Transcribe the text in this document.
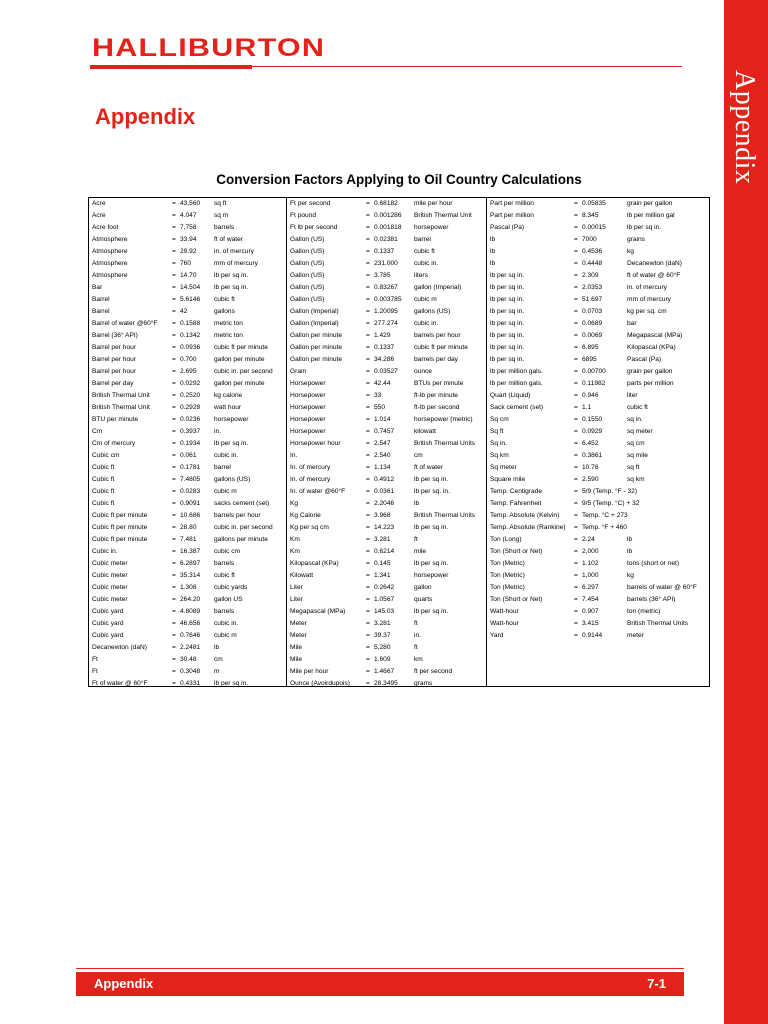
Appendix
HALLIBURTON
Appendix
Conversion Factors Applying to Oil Country Calculations
Acre	= 43,560	sq ft
Acre	= 4.047	sq m
Acre foot	= 7,758	barrels
Atmosphere	= 33.94	ft of water
Atmosphere	= 29.92	in. of mercury
Atmosphere	= 760	mm of mercury
Atmosphere	= 14.70	lb per sq in.
Bar	= 14.504	lb per sq in.
Barrel	= 5.6146	cubic ft
Barrel	= 42	gallons
Barrel of water @60°F	= 0.1588	metric ton
Barrel (36° API)	= 0.1342	metric ton
Barrel per hour	= 0.0936	cubic ft per minute
Barrel per hour	= 0.700	gallon per minute
Barrel per hour	= 2.695	cubic in. per second
Barrel per day	= 0.0292	gallon per minute
British Thermal Unit	= 0.2520	kg calorie
British Thermal Unit	= 0.2928	watt hour
BTU per minute	= 0.0236	horsepower
Cm	= 0.3937	in.
Cm of mercury	= 0.1934	lb per sq in.
Cubic cm	= 0.061	cubic in.
Cubic ft	= 0.1781	barrel
Cubic ft	= 7.4805	gallons (US)
Cubic ft	= 0.0283	cubic m
Cubic ft	= 0.9091	sacks cement (set)
Cubic ft per minute	= 10.686	barrels per hour
Cubic ft per minute	= 28.80	cubic in. per second
Cubic ft per minute	= 7.481	gallons per minute
Cubic in.	= 16.387	cubic cm
Cubic meter	= 6.2897	barrels
Cubic meter	= 35.314	cubic ft
Cubic meter	= 1.308	cubic yards
Cubic meter	= 264.20	gallon US
Cubic yard	= 4.8089	barrels
Cubic yard	= 46,656	cubic in.
Cubic yard	= 0.7646	cubic m
Decanewton (daN)	= 2.2481	lb
Ft	= 30.48	cm
Ft	= 0.3048	m
Ft of water @ 60°F	= 0.4331	lb per sq in.
Ft per second	= 0.68182	mile per hour
Ft pound	= 0.001286	British Thermal Unit
Ft lb per second	= 0.001818	horsepower
Gallon (US)	= 0.02381	barrel
Gallon (US)	= 0.1337	cubic ft
Gallon (US)	= 231.000	cubic in.
Gallon (US)	= 3.785	liters
Gallon (US)	= 0.83267	gallon (Imperial)
Gallon (US)	= 0.003785	cubic m
Gallon (Imperial)	= 1.20095	gallons (US)
Gallon (Imperial)	= 277.274	cubic in.
Gallon per minute	= 1.429	barrels per hour
Gallon per minute	= 0.1337	cubic ft per minute
Gallon per minute	= 34.286	barrels per day
Gram	= 0.03527	ounce
Horsepower	= 42.44	BTUs per minute
Horsepower	= 33	ft-lb per minute
Horsepower	= 550	ft-lb per second
Horsepower	= 1.014	horsepower (metric)
Horsepower	= 0.7457	kilowatt
Horsepower hour	= 2.547	British Thermal Units
In.	= 2.540	cm
In. of mercury	= 1.134	ft of water
In. of mercury	= 0.4912	lb per sq in.
In. of water @60°F	= 0.0361	lb per sq. in.
Kg	= 2.2046	lb
Kg Calorie	= 3.968	British Thermal Units
Kg per sq cm	= 14.223	lb per sq in.
Km	= 3.281	ft
Km	= 0.6214	mile
Kilopascal (KPa)	= 0.145	lb per sq in.
Kilowatt	= 1.341	horsepower
Liter	= 0.2642	gallon
Liter	= 1.0567	quarts
Megapascal (MPa)	= 145.03	lb per sq in.
Meter	= 3.281	ft
Meter	= 39.37	in.
Mile	= 5,280	ft
Mile	= 1.609	km
Mile per hour	= 1.4667	ft per second
Ounce (Avoirdupois)	= 28.3495	grams
Part per million	= 0.05835	grain per gallon
Part per million	= 8.345	lb per million gal
Pascal (Pa)	= 0.00015	lb per sq in.
lb	= 7000	grains
lb	= 0.4536	kg
lb	= 0.4448	Decanewton (daN)
lb per sq in.	= 2.309	ft of water @ 60°F
lb per sq in.	= 2.0353	in. of mercury
lb per sq in.	= 51.697	mm of mercury
lb per sq in.	= 0.0703	kg per sq. cm
lb per sq in.	= 0.0689	bar
lb per sq in.	= 0.0069	Megapascal (MPa)
lb per sq in.	= 6.895	Kilopascal (KPa)
lb per sq in.	= 6895	Pascal (Pa)
lb per million gals.	= 0.00700	grain per gallon
lb per million gals.	= 0.11982	parts per million
Quart (Liquid)	= 0.946	liter
Sack cement (set)	= 1.1	cubic ft
Sq cm	= 0.1550	sq in.
Sq ft	= 0.0929	sq meter
Sq in.	= 6.452	sq cm
Sq km	= 0.3861	sq mile
Sq meter	= 10.76	sq ft
Square mile	= 2.590	sq km
Temp. Centigrade	= 5/9 (Temp. °F - 32)
Temp. Fahrenheit	= 9/5 (Temp. °C) + 32
Temp. Absolute (Kelvin)	= Temp. °C + 273
Temp. Absolute (Rankine)	= Temp. °F + 460
Ton (Long)	= 2.24	lb
Ton (Short or Net)	= 2,000	lb
Ton (Metric)	= 1.102	tons (short or net)
Ton (Metric)	= 1,000	kg
Ton (Metric)	= 6.297	barrels of water @ 60°F
Ton (Short or Net)	= 7.454	barrels (36° API)
Watt-hour	= 0.907	ton (metric)
Watt-hour	= 3.415	British Thermal Units
Yard	= 0.9144	meter
Appendix	7-1
